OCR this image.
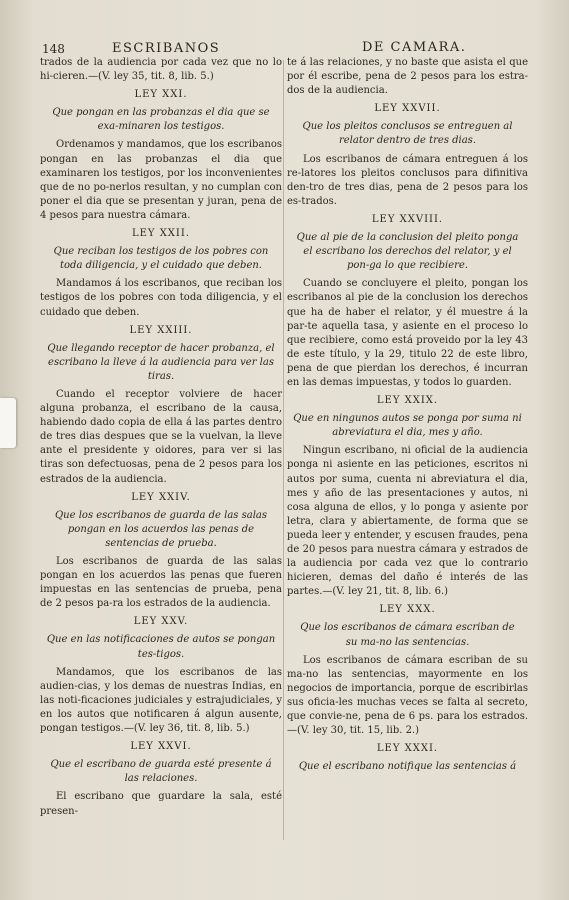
148	ESCRIBANOS	DE CAMARA.

trados de la audiencia por cada vez que no lo hi-cieren.—(V. ley 35, tit. 8, lib. 5.)

LEY XXI.

Que pongan en las probanzas el dia que se exa-minaren los testigos.

Ordenamos y mandamos, que los escribanos pongan en las probanzas el dia que examinaren los testigos, por los inconvenientes que de no po-nerlos resultan, y no cumplan con poner el dia que se presentan y juran, pena de 4 pesos para nuestra cámara.

LEY XXII.

Que reciban los testigos de los pobres con toda diligencia, y el cuidado que deben.

Mandamos á los escribanos, que reciban los testigos de los pobres con toda diligencia, y el cuidado que deben.

LEY XXIII.

Que llegando receptor de hacer probanza, el escribano la lleve á la audiencia para ver las tiras.

Cuando el receptor volviere de hacer alguna probanza, el escribano de la causa, habiendo dado copia de ella á las partes dentro de tres dias despues que se la vuelvan, la lleve ante el presidente y oidores, para ver si las tiras son defectuosas, pena de 2 pesos para los estrados de la audiencia.

LEY XXIV.

Que los escribanos de guarda de las salas pongan en los acuerdos las penas de sentencias de prueba.

Los escribanos de guarda de las salas pongan en los acuerdos las penas que fueren impuestas en las sentencias de prueba, pena de 2 pesos pa-ra los estrados de la audiencia.

LEY XXV.

Que en las notificaciones de autos se pongan tes-tigos.

Mandamos, que los escribanos de las audien-cias, y los demas de nuestras Indias, en las noti-ficaciones judiciales y estrajudiciales, y en los autos que notificaren á algun ausente, pongan testigos.—(V. ley 36, tit. 8, lib. 5.)

LEY XXVI.

Que el escribano de guarda esté presente á las relaciones.

El escribano que guardare la sala, esté presen-

te á las relaciones, y no baste que asista el que por él escribe, pena de 2 pesos para los estra-dos de la audiencia.

LEY XXVII.

Que los pleitos conclusos se entreguen al relator dentro de tres dias.

Los escribanos de cámara entreguen á los re-latores los pleitos conclusos para difinitiva den-tro de tres dias, pena de 2 pesos para los es-trados.

LEY XXVIII.

Que al pie de la conclusion del pleito ponga el escribano los derechos del relator, y el pon-ga lo que recibiere.

Cuando se concluyere el pleito, pongan los escribanos al pie de la conclusion los derechos que ha de haber el relator, y él muestre á la par-te aquella tasa, y asiente en el proceso lo que recibiere, como está proveido por la ley 43 de este título, y la 29, titulo 22 de este libro, pena de que pierdan los derechos, é incurran en las demas impuestas, y todos lo guarden.

LEY XXIX.

Que en ningunos autos se ponga por suma ni abreviatura el dia, mes y año.

Ningun escribano, ni oficial de la audiencia ponga ni asiente en las peticiones, escritos ni autos por suma, cuenta ni abreviatura el dia, mes y año de las presentaciones y autos, ni cosa alguna de ellos, y lo ponga y asiente por letra, clara y abiertamente, de forma que se pueda leer y entender, y escusen fraudes, pena de 20 pesos para nuestra cámara y estrados de la audiencia por cada vez que lo contrario hicieren, demas del daño é interés de las partes.—(V. ley 21, tit. 8, lib. 6.)

LEY XXX.

Que los escribanos de cámara escriban de su ma-no las sentencias.

Los escribanos de cámara escriban de su ma-no las sentencias, mayormente en los negocios de importancia, porque de escribirlas sus oficia-les muchas veces se falta al secreto, que convie-ne, pena de 6 ps. para los estrados.—(V. ley 30, tit. 15, lib. 2.)

LEY XXXI.

Que el escribano notifique las sentencias á
